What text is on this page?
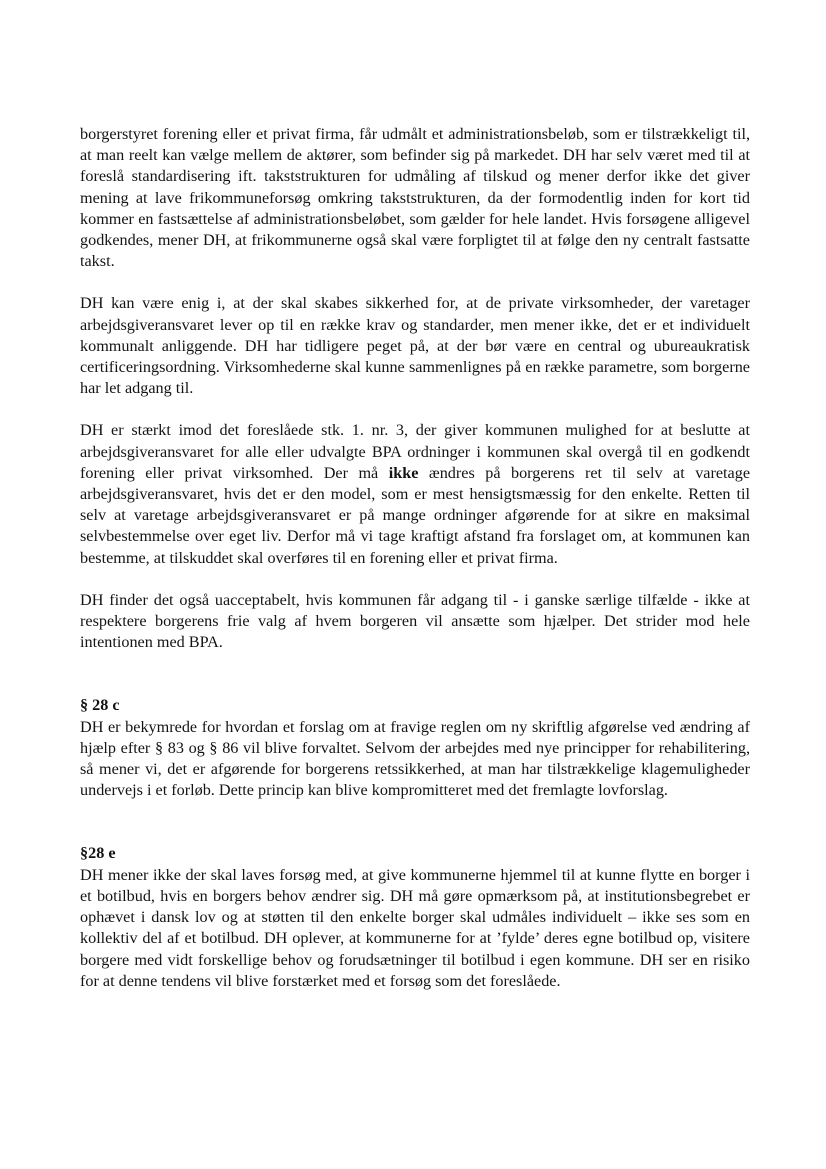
borgerstyret forening eller et privat firma, får udmålt et administrationsbeløb, som er tilstrækkeligt til, at man reelt kan vælge mellem de aktører, som befinder sig på markedet. DH har selv været med til at foreslå standardisering ift. takststrukturen for udmåling af tilskud og mener derfor ikke det giver mening at lave frikommuneforsøg omkring takststrukturen, da der formodentlig inden for kort tid kommer en fastsættelse af administrationsbeløbet, som gælder for hele landet. Hvis forsøgene alligevel godkendes, mener DH, at frikommunerne også skal være forpligtet til at følge den ny centralt fastsatte takst.

DH kan være enig i, at der skal skabes sikkerhed for, at de private virksomheder, der varetager arbejdsgiveransvaret lever op til en række krav og standarder, men mener ikke, det er et individuelt kommunalt anliggende. DH har tidligere peget på, at der bør være en central og ubureaukratisk certificeringsordning. Virksomhederne skal kunne sammenlignes på en række parametre, som borgerne har let adgang til.

DH er stærkt imod det foreslåede stk. 1. nr. 3, der giver kommunen mulighed for at beslutte at arbejdsgiveransvaret for alle eller udvalgte BPA ordninger i kommunen skal overgå til en godkendt forening eller privat virksomhed. Der må ikke ændres på borgerens ret til selv at varetage arbejdsgiveransvaret, hvis det er den model, som er mest hensigtsmæssig for den enkelte. Retten til selv at varetage arbejdsgiveransvaret er på mange ordninger afgørende for at sikre en maksimal selvbestemmelse over eget liv. Derfor må vi tage kraftigt afstand fra forslaget om, at kommunen kan bestemme, at tilskuddet skal overføres til en forening eller et privat firma.

DH finder det også uacceptabelt, hvis kommunen får adgang til - i ganske særlige tilfælde - ikke at respektere borgerens frie valg af hvem borgeren vil ansætte som hjælper. Det strider mod hele intentionen med BPA.

§ 28 c

DH er bekymrede for hvordan et forslag om at fravige reglen om ny skriftlig afgørelse ved ændring af hjælp efter § 83 og § 86 vil blive forvaltet. Selvom der arbejdes med nye principper for rehabilitering, så mener vi, det er afgørende for borgerens retssikkerhed, at man har tilstrækkelige klagemuligheder undervejs i et forløb. Dette princip kan blive kompromitteret med det fremlagte lovforslag.

§28 e

DH mener ikke der skal laves forsøg med, at give kommunerne hjemmel til at kunne flytte en borger i et botilbud, hvis en borgers behov ændrer sig. DH må gøre opmærksom på, at institutionsbegrebet er ophævet i dansk lov og at støtten til den enkelte borger skal udmåles individuelt – ikke ses som en kollektiv del af et botilbud. DH oplever, at kommunerne for at ’fylde’ deres egne botilbud op, visitere borgere med vidt forskellige behov og forudsætninger til botilbud i egen kommune. DH ser en risiko for at denne tendens vil blive forstærket med et forsøg som det foreslåede.
